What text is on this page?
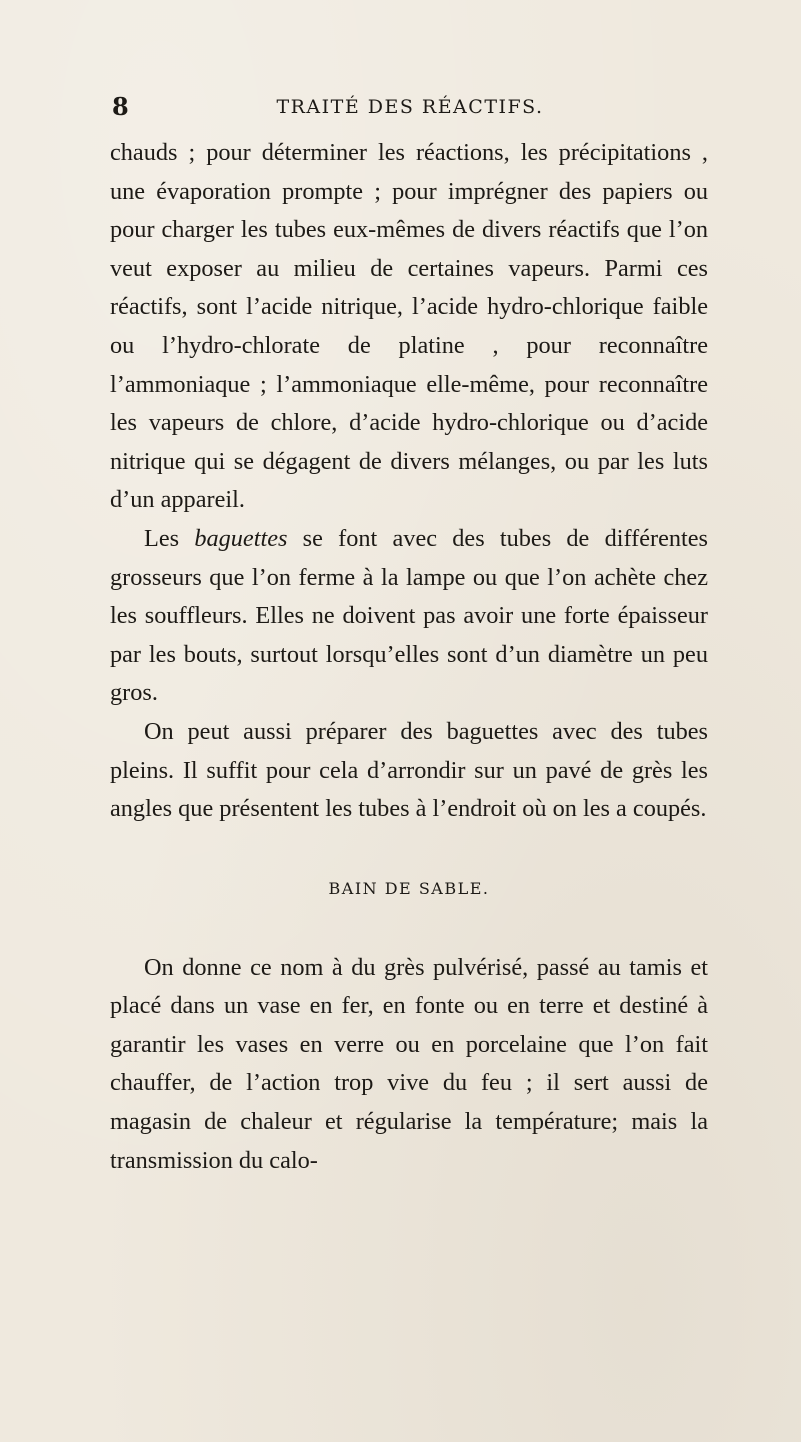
8	TRAITÉ DES RÉACTIFS.

chauds ; pour déterminer les réactions, les précipitations , une évaporation prompte ; pour imprégner des papiers ou pour charger les tubes eux-mêmes de divers réactifs que l’on veut exposer au milieu de certaines vapeurs. Parmi ces réactifs, sont l’acide nitrique, l’acide hydro-chlorique faible ou l’hydro-chlorate de platine , pour reconnaître l’ammoniaque ; l’ammoniaque elle-même, pour reconnaître les vapeurs de chlore, d’acide hydro-chlorique ou d’acide nitrique qui se dégagent de divers mélanges, ou par les luts d’un appareil.

Les baguettes se font avec des tubes de différentes grosseurs que l’on ferme à la lampe ou que l’on achète chez les souffleurs. Elles ne doivent pas avoir une forte épaisseur par les bouts, surtout lorsqu’elles sont d’un diamètre un peu gros.

On peut aussi préparer des baguettes avec des tubes pleins. Il suffit pour cela d’arrondir sur un pavé de grès les angles que présentent les tubes à l’endroit où on les a coupés.

BAIN DE SABLE.

On donne ce nom à du grès pulvérisé, passé au tamis et placé dans un vase en fer, en fonte ou en terre et destiné à garantir les vases en verre ou en porcelaine que l’on fait chauffer, de l’action trop vive du feu ; il sert aussi de magasin de chaleur et régularise la température; mais la transmission du calo-
